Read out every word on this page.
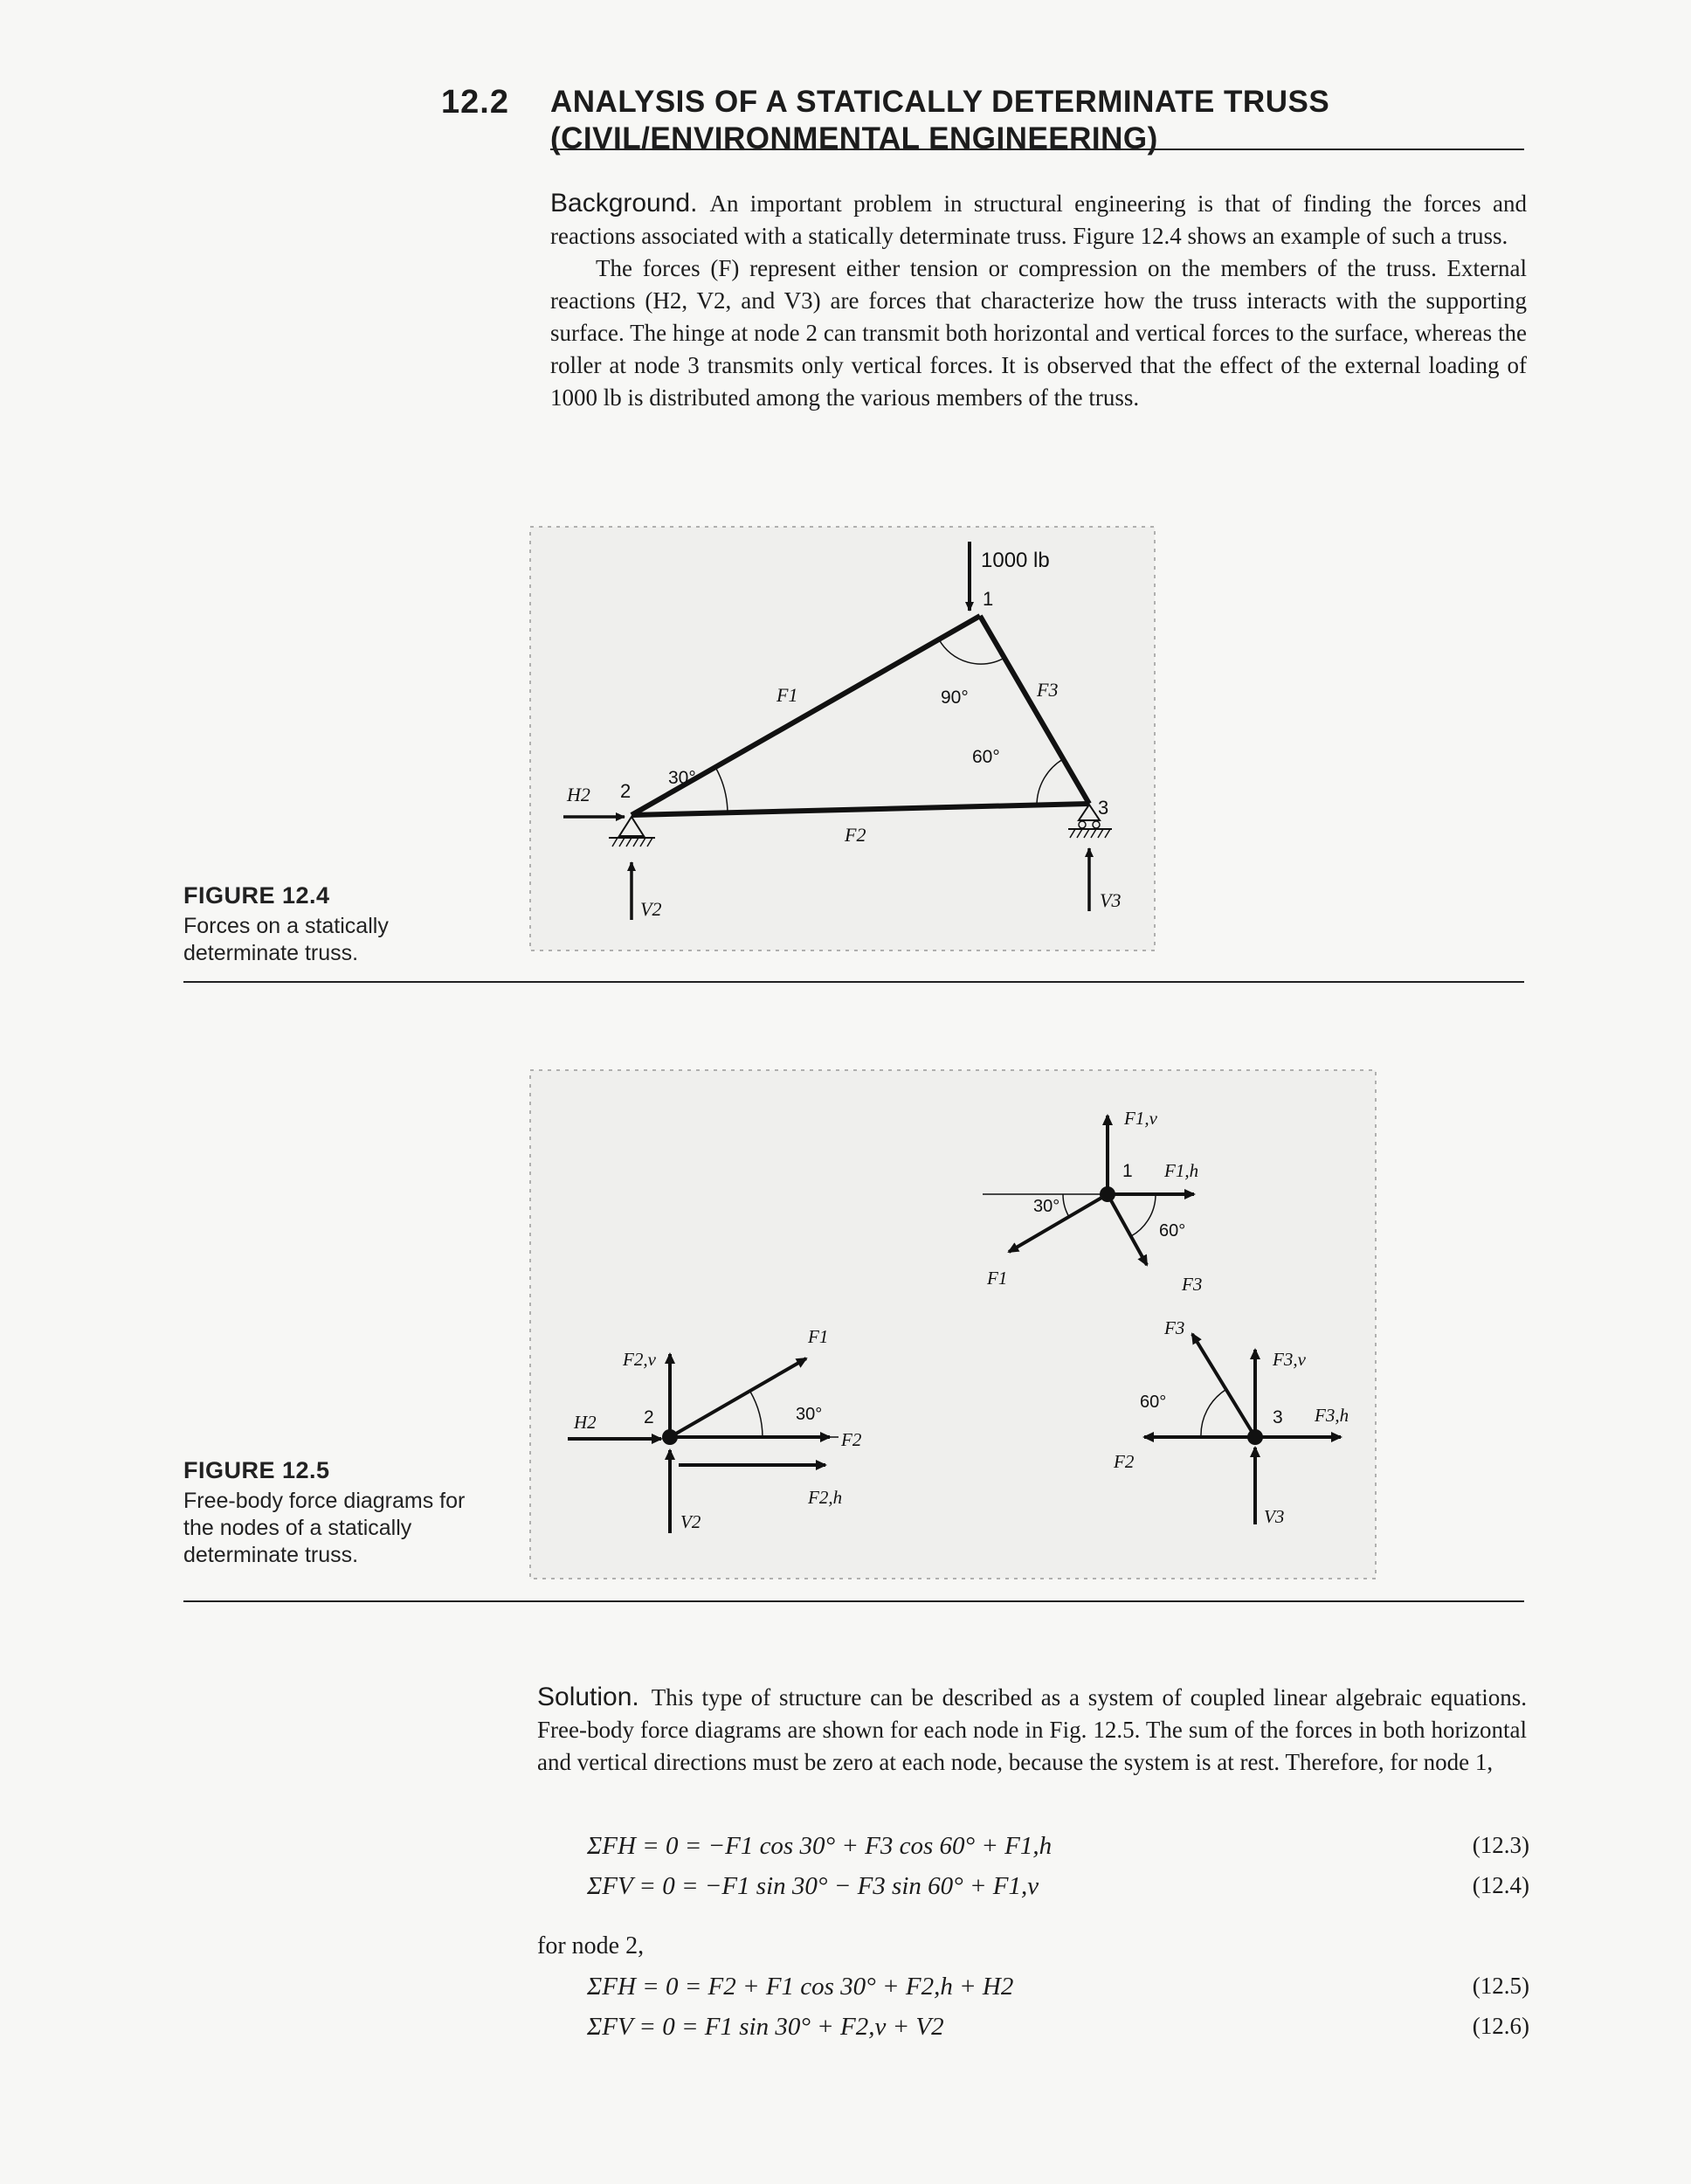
12.2 ANALYSIS OF A STATICALLY DETERMINATE TRUSS
(CIVIL/ENVIRONMENTAL ENGINEERING)

Background. An important problem in structural engineering is that of finding the forces and reactions associated with a statically determinate truss. Figure 12.4 shows an example of such a truss.

The forces (F) represent either tension or compression on the members of the truss. External reactions (H2, V2, and V3) are forces that characterize how the truss interacts with the supporting surface. The hinge at node 2 can transmit both horizontal and vertical forces to the surface, whereas the roller at node 3 transmits only vertical forces. It is observed that the effect of the external loading of 1000 lb is distributed among the various members of the truss.

FIGURE 12.4
Forces on a statically determinate truss.
1000 lb
1
2
3
F1
F2
F3
90°
60°
30°
H2
V2	V3
FIGURE 12.5
Free-body force diagrams for the nodes of a statically determinate truss.
F1,v
1 F1,h
30°
60°
F1	F3
F2,v
H2	2
F1
30°
F2
F2,h
V2
F3
F3,v
60°
3 F3,h
F2
V3

Solution. This type of structure can be described as a system of coupled linear algebraic equations. Free-body force diagrams are shown for each node in Fig. 12.5. The sum of the forces in both horizontal and vertical directions must be zero at each node, because the system is at rest. Therefore, for node 1,

ΣFH = 0 = −F1 cos 30° + F3 cos 60° + F1,h	(12.3)
ΣFV = 0 = −F1 sin 30° − F3 sin 60° + F1,v	(12.4)
for node 2,
ΣFH = 0 = F2 + F1 cos 30° + F2,h + H2	(12.5)
ΣFV = 0 = F1 sin 30° + F2,v + V2	(12.6)
